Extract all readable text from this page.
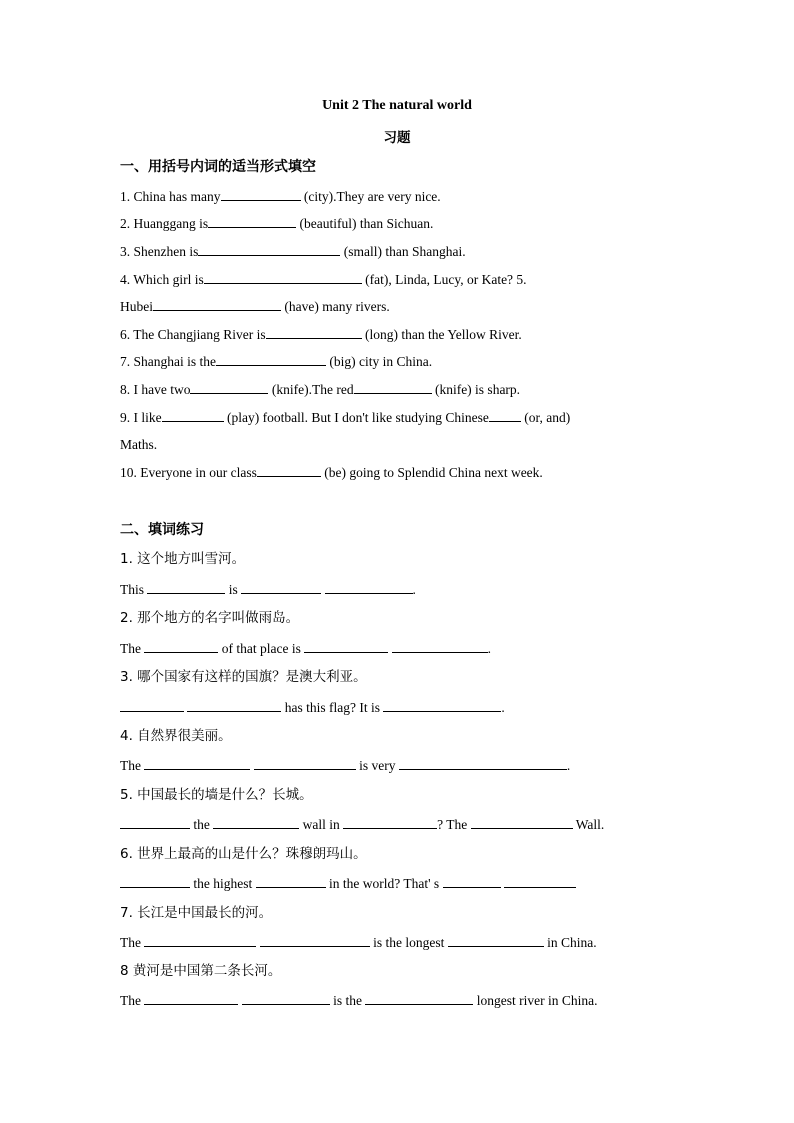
Unit 2 The natural world
习题
一、用括号内词的适当形式填空
1. China has many	(city).They are very nice.
2. Huanggang is	(beautiful) than Sichuan.
3. Shenzhen is	(small) than Shanghai.
4. Which girl is	(fat), Linda, Lucy, or Kate? 5.
Hubei	(have) many rivers.
6. The Changjiang River is	(long) than the Yellow River.
7. Shanghai is the	(big) city in China.
8. I have two	(knife).The red	(knife) is sharp.
9. I like	(play) football. But I don't like studying Chinese (or, and)
Maths.
10. Everyone in our class	(be) going to Splendid China next week.
二、填词练习
1. 这个地方叫雪河。
This	is	.
2. 那个地方的名字叫做雨岛。
The	of that place is	.
3. 哪个国家有这样的国旗？是澳大利亚。
has this flag? It is	.
4. 自然界很美丽。
The	is very	.
5. 中国最长的墙是什么？长城。
the	wall in	? The	Wall.
6. 世界上最高的山是什么？珠穆朗玛山。
the highest	in the world? That' s
7. 长江是中国最长的河。
The	is the longest	in China.
8 黄河是中国第二条长河。
The	is the	longest river in China.
